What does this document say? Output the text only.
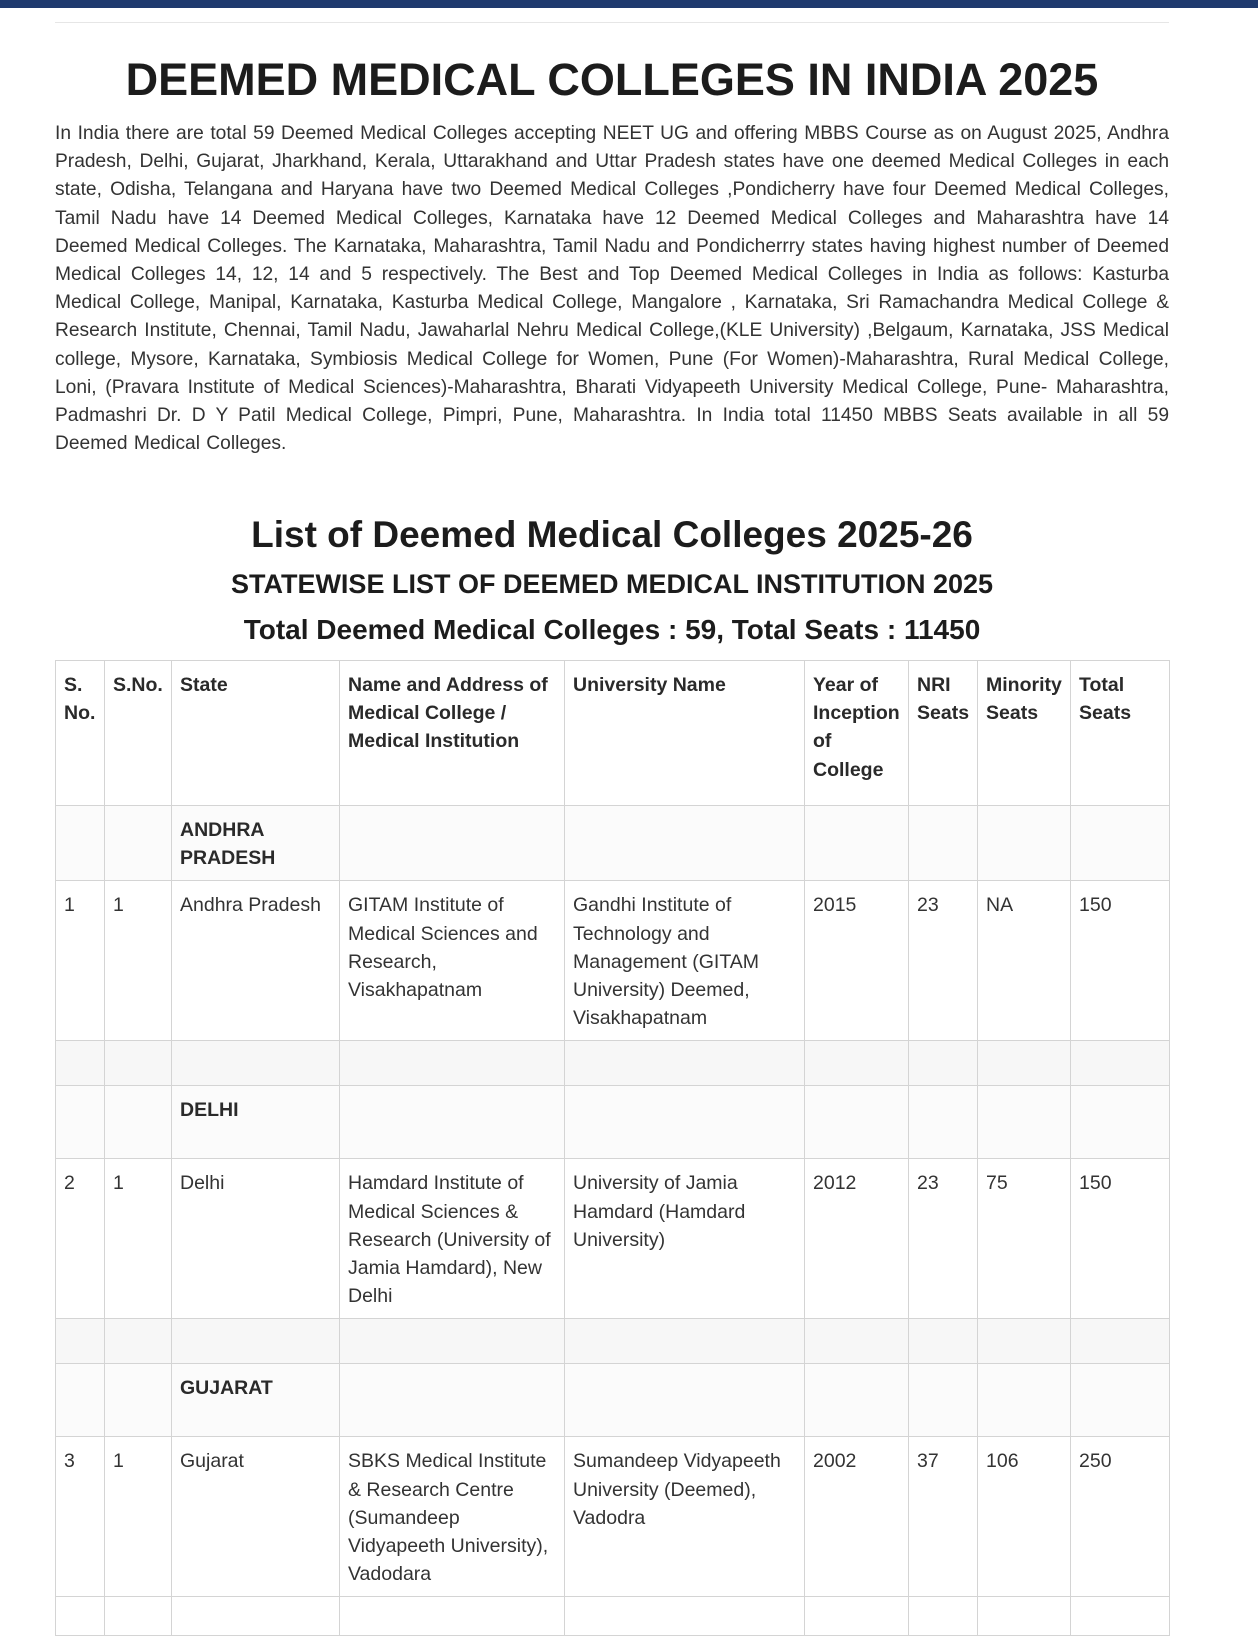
DEEMED MEDICAL COLLEGES IN INDIA 2025

In India there are total 59 Deemed Medical Colleges accepting NEET UG and offering MBBS Course as on August 2025, Andhra Pradesh, Delhi, Gujarat, Jharkhand, Kerala, Uttarakhand and Uttar Pradesh states have one deemed Medical Colleges in each state, Odisha, Telangana and Haryana have two Deemed Medical Colleges ,Pondicherry have four Deemed Medical Colleges, Tamil Nadu have 14 Deemed Medical Colleges, Karnataka have 12 Deemed Medical Colleges and Maharashtra have 14 Deemed Medical Colleges. The Karnataka, Maharashtra, Tamil Nadu and Pondicherrry states having highest number of Deemed Medical Colleges 14, 12, 14 and 5 respectively. The Best and Top Deemed Medical Colleges in India as follows: Kasturba Medical College, Manipal, Karnataka, Kasturba Medical College, Mangalore , Karnataka, Sri Ramachandra Medical College & Research Institute, Chennai, Tamil Nadu, Jawaharlal Nehru Medical College,(KLE University) ,Belgaum, Karnataka, JSS Medical college, Mysore, Karnataka, Symbiosis Medical College for Women, Pune (For Women)-Maharashtra, Rural Medical College, Loni, (Pravara Institute of Medical Sciences)-Maharashtra, Bharati Vidyapeeth University Medical College, Pune- Maharashtra, Padmashri Dr. D Y Patil Medical College, Pimpri, Pune, Maharashtra. In India total 11450 MBBS Seats available in all 59 Deemed Medical Colleges.

List of Deemed Medical Colleges 2025-26
STATEWISE LIST OF DEEMED MEDICAL INSTITUTION 2025
Total Deemed Medical Colleges : 59, Total Seats : 11450
S. No.	S.No.	State	Name and Address of Medical College / Medical Institution	University Name	Year of Inception of College	NRI Seats	Minority Seats	Total Seats
		ANDHRA PRADESH						
1	1	Andhra Pradesh	GITAM Institute of Medical Sciences and Research, Visakhapatnam	Gandhi Institute of Technology and Management (GITAM University) Deemed, Visakhapatnam	2015	23	NA	150

		DELHI						
2	1	Delhi	Hamdard Institute of Medical Sciences & Research (University of Jamia Hamdard), New Delhi	University of Jamia Hamdard (Hamdard University)	2012	23	75	150

		GUJARAT						
3	1	Gujarat	SBKS Medical Institute & Research Centre (Sumandeep Vidyapeeth University), Vadodara	Sumandeep Vidyapeeth University (Deemed), Vadodra	2002	37	106	250
